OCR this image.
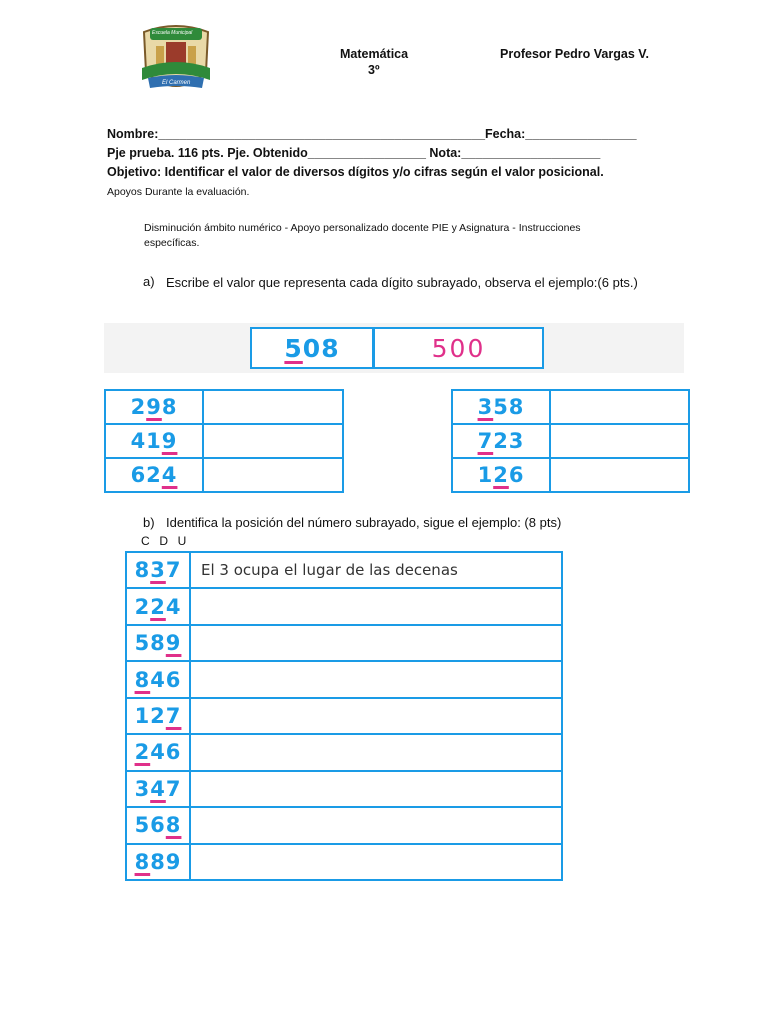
Escuela Municipal
El Carmen
Matemática
3º
Profesor Pedro Vargas V.
Nombre:_______________________________________________ Fecha:________________
Pje prueba. 116 pts. Pje. Obtenido_________________ Nota:____________________
Objetivo: Identificar el valor de diversos dígitos y/o cifras según el valor posicional.
Apoyos Durante la evaluación.
Disminución ámbito numérico - Apoyo personalizado docente PIE y Asignatura - Instrucciones específicas.
a) Escribe el valor que representa cada dígito subrayado, observa el ejemplo:(6 pts.)
508	500
298	
419	
624	
358	
723	
126	
b) Identifica la posición del número subrayado, sigue el ejemplo: (8 pts)
C  D  U
837	El 3 ocupa el lugar de las decenas
224	
589	
846	
127	
246	
347	
568	
889	
